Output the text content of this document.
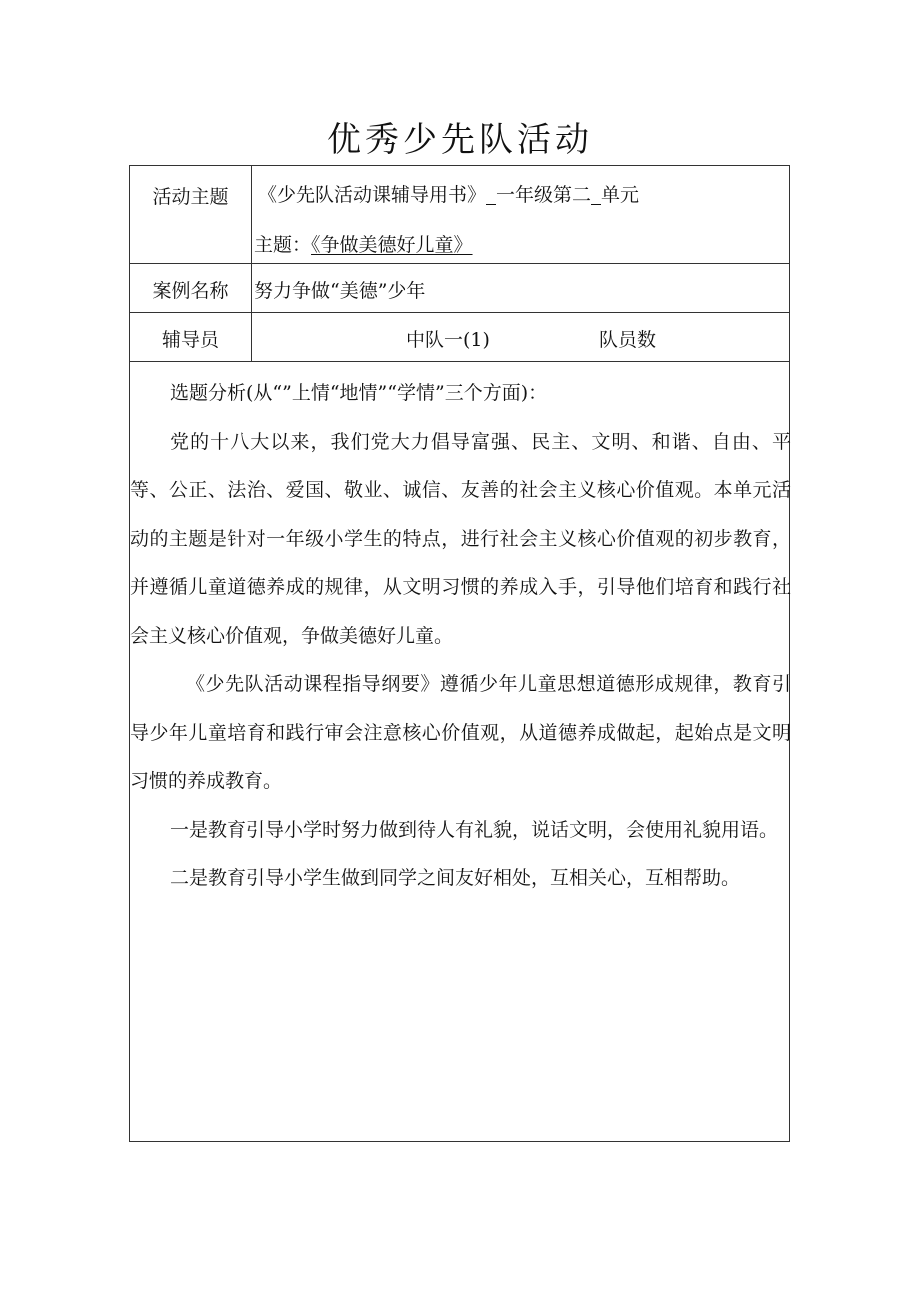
优秀少先队活动
活动主题	《少先队活动课辅导用书》 一年级第二 单元
主题：《争做美德好儿童》
案例名称	努力争做“美德”少年
辅导员	中队一(1)	队员数

选题分析(从“”上情“地情”“学情”三个方面)：

党的十八大以来，我们党大力倡导富强、民主、文明、和谐、自由、平等、公正、法治、爱国、敬业、诚信、友善的社会主义核心价值观。本单元活动的主题是针对一年级小学生的特点，进行社会主义核心价值观的初步教育，并遵循儿童道德养成的规律，从文明习惯的养成入手，引导他们培育和践行社会主义核心价值观，争做美德好儿童。

《少先队活动课程指导纲要》遵循少年儿童思想道德形成规律，教育引导少年儿童培育和践行审会注意核心价值观，从道德养成做起，起始点是文明习惯的养成教育。

一是教育引导小学时努力做到待人有礼貌，说话文明，会使用礼貌用语。

二是教育引导小学生做到同学之间友好相处，互相关心，互相帮助。
